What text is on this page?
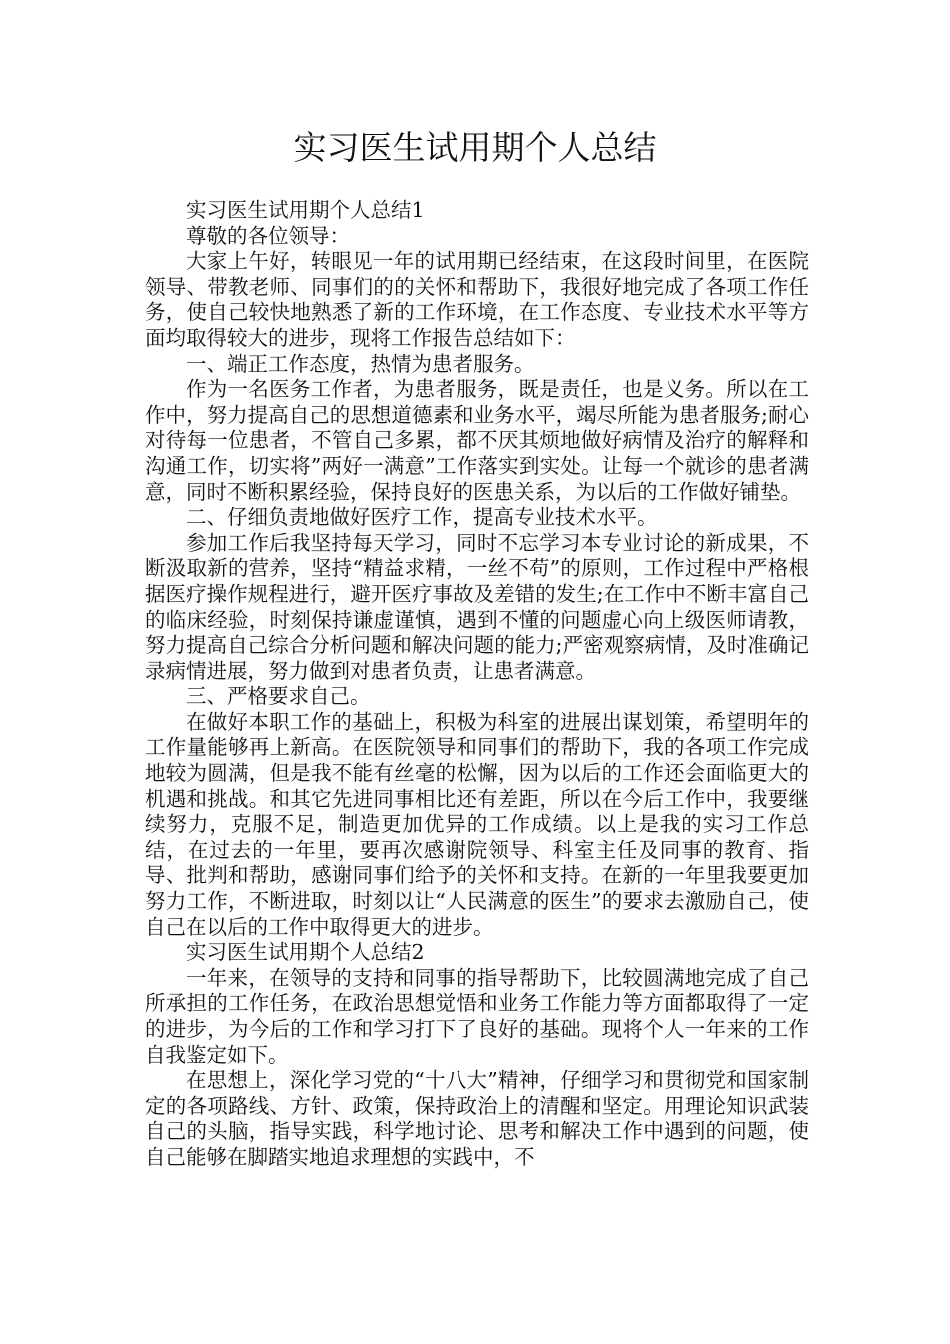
实习医生试用期个人总结

实习医生试用期个人总结1

尊敬的各位领导：

大家上午好，转眼见一年的试用期已经结束，在这段时间里，在医院领导、带教老师、同事们的的关怀和帮助下，我很好地完成了各项工作任务，使自己较快地熟悉了新的工作环境，在工作态度、专业技术水平等方面均取得较大的进步，现将工作报告总结如下：

一、端正工作态度，热情为患者服务。

作为一名医务工作者，为患者服务，既是责任，也是义务。所以在工作中，努力提高自己的思想道德素和业务水平，竭尽所能为患者服务;耐心对待每一位患者，不管自己多累，都不厌其烦地做好病情及治疗的解释和沟通工作，切实将”两好一满意”工作落实到实处。让每一个就诊的患者满意，同时不断积累经验，保持良好的医患关系，为以后的工作做好铺垫。

二、仔细负责地做好医疗工作，提高专业技术水平。

参加工作后我坚持每天学习，同时不忘学习本专业讨论的新成果，不断汲取新的营养，坚持“精益求精，一丝不苟”的原则，工作过程中严格根据医疗操作规程进行，避开医疗事故及差错的发生;在工作中不断丰富自己的临床经验，时刻保持谦虚谨慎，遇到不懂的问题虚心向上级医师请教，努力提高自己综合分析问题和解决问题的能力;严密观察病情，及时准确记录病情进展，努力做到对患者负责，让患者满意。

三、严格要求自己。

在做好本职工作的基础上，积极为科室的进展出谋划策，希望明年的工作量能够再上新高。在医院领导和同事们的帮助下，我的各项工作完成地较为圆满，但是我不能有丝毫的松懈，因为以后的工作还会面临更大的机遇和挑战。和其它先进同事相比还有差距，所以在今后工作中，我要继续努力，克服不足，制造更加优异的工作成绩。以上是我的实习工作总结，在过去的一年里，要再次感谢院领导、科室主任及同事的教育、指导、批判和帮助，感谢同事们给予的关怀和支持。在新的一年里我要更加努力工作，不断进取，时刻以让“人民满意的医生”的要求去激励自己，使自己在以后的工作中取得更大的进步。

实习医生试用期个人总结2

一年来，在领导的支持和同事的指导帮助下，比较圆满地完成了自己所承担的工作任务，在政治思想觉悟和业务工作能力等方面都取得了一定的进步，为今后的工作和学习打下了良好的基础。现将个人一年来的工作自我鉴定如下。

在思想上，深化学习党的“十八大”精神，仔细学习和贯彻党和国家制定的各项路线、方针、政策，保持政治上的清醒和坚定。用理论知识武装自己的头脑，指导实践，科学地讨论、思考和解决工作中遇到的问题，使自己能够在脚踏实地追求理想的实践中，不
